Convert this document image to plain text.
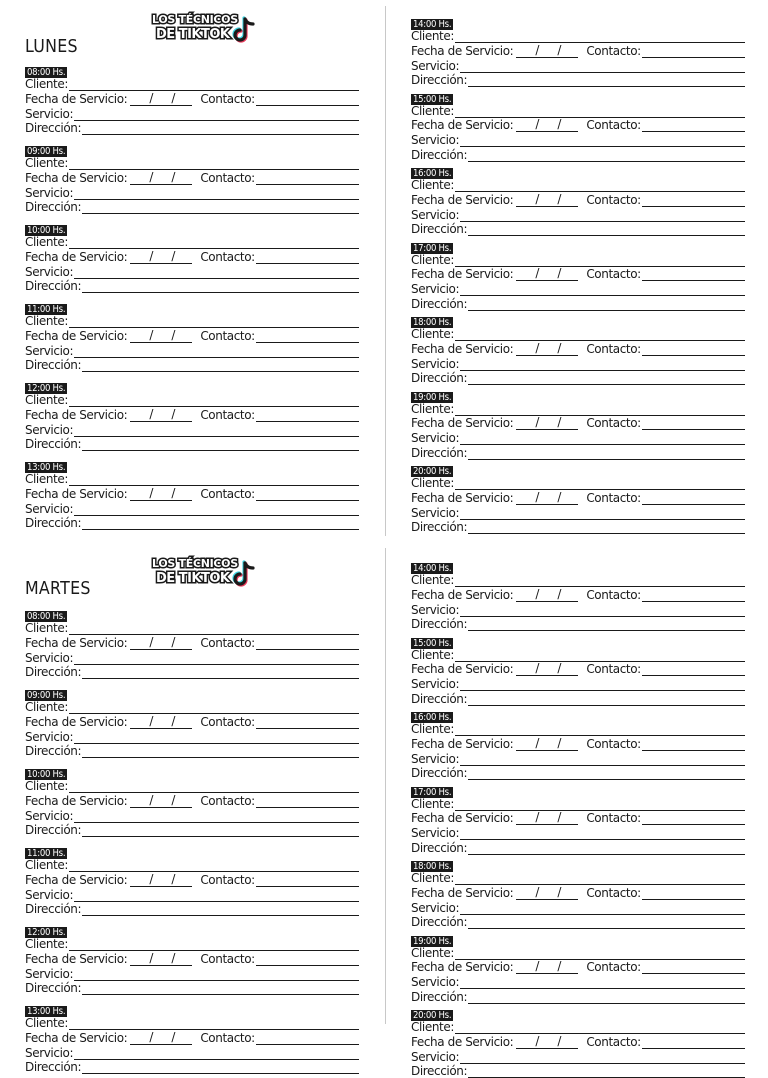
LUNES
LOS TÉCNICOS
DE TIKTOK
08:00 Hs.
Cliente:
Fecha de Servicio: / / Contacto:
Servicio:
Dirección:
09:00 Hs.
Cliente:
Fecha de Servicio: / / Contacto:
Servicio:
Dirección:
10:00 Hs.
Cliente:
Fecha de Servicio: / / Contacto:
Servicio:
Dirección:
11:00 Hs.
Cliente:
Fecha de Servicio: / / Contacto:
Servicio:
Dirección:
12:00 Hs.
Cliente:
Fecha de Servicio: / / Contacto:
Servicio:
Dirección:
13:00 Hs.
Cliente:
Fecha de Servicio: / / Contacto:
Servicio:
Dirección:
14:00 Hs.
Cliente:
Fecha de Servicio: / / Contacto:
Servicio:
Dirección:
15:00 Hs.
Cliente:
Fecha de Servicio: / / Contacto:
Servicio:
Dirección:
16:00 Hs.
Cliente:
Fecha de Servicio: / / Contacto:
Servicio:
Dirección:
17:00 Hs.
Cliente:
Fecha de Servicio: / / Contacto:
Servicio:
Dirección:
18:00 Hs.
Cliente:
Fecha de Servicio: / / Contacto:
Servicio:
Dirección:
19:00 Hs.
Cliente:
Fecha de Servicio: / / Contacto:
Servicio:
Dirección:
20:00 Hs.
Cliente:
Fecha de Servicio: / / Contacto:
Servicio:
Dirección:
MARTES
LOS TÉCNICOS
DE TIKTOK
08:00 Hs.
Cliente:
Fecha de Servicio: / / Contacto:
Servicio:
Dirección:
09:00 Hs.
Cliente:
Fecha de Servicio: / / Contacto:
Servicio:
Dirección:
10:00 Hs.
Cliente:
Fecha de Servicio: / / Contacto:
Servicio:
Dirección:
11:00 Hs.
Cliente:
Fecha de Servicio: / / Contacto:
Servicio:
Dirección:
12:00 Hs.
Cliente:
Fecha de Servicio: / / Contacto:
Servicio:
Dirección:
13:00 Hs.
Cliente:
Fecha de Servicio: / / Contacto:
Servicio:
Dirección:
14:00 Hs.
Cliente:
Fecha de Servicio: / / Contacto:
Servicio:
Dirección:
15:00 Hs.
Cliente:
Fecha de Servicio: / / Contacto:
Servicio:
Dirección:
16:00 Hs.
Cliente:
Fecha de Servicio: / / Contacto:
Servicio:
Dirección:
17:00 Hs.
Cliente:
Fecha de Servicio: / / Contacto:
Servicio:
Dirección:
18:00 Hs.
Cliente:
Fecha de Servicio: / / Contacto:
Servicio:
Dirección:
19:00 Hs.
Cliente:
Fecha de Servicio: / / Contacto:
Servicio:
Dirección:
20:00 Hs.
Cliente:
Fecha de Servicio: / / Contacto:
Servicio:
Dirección:
